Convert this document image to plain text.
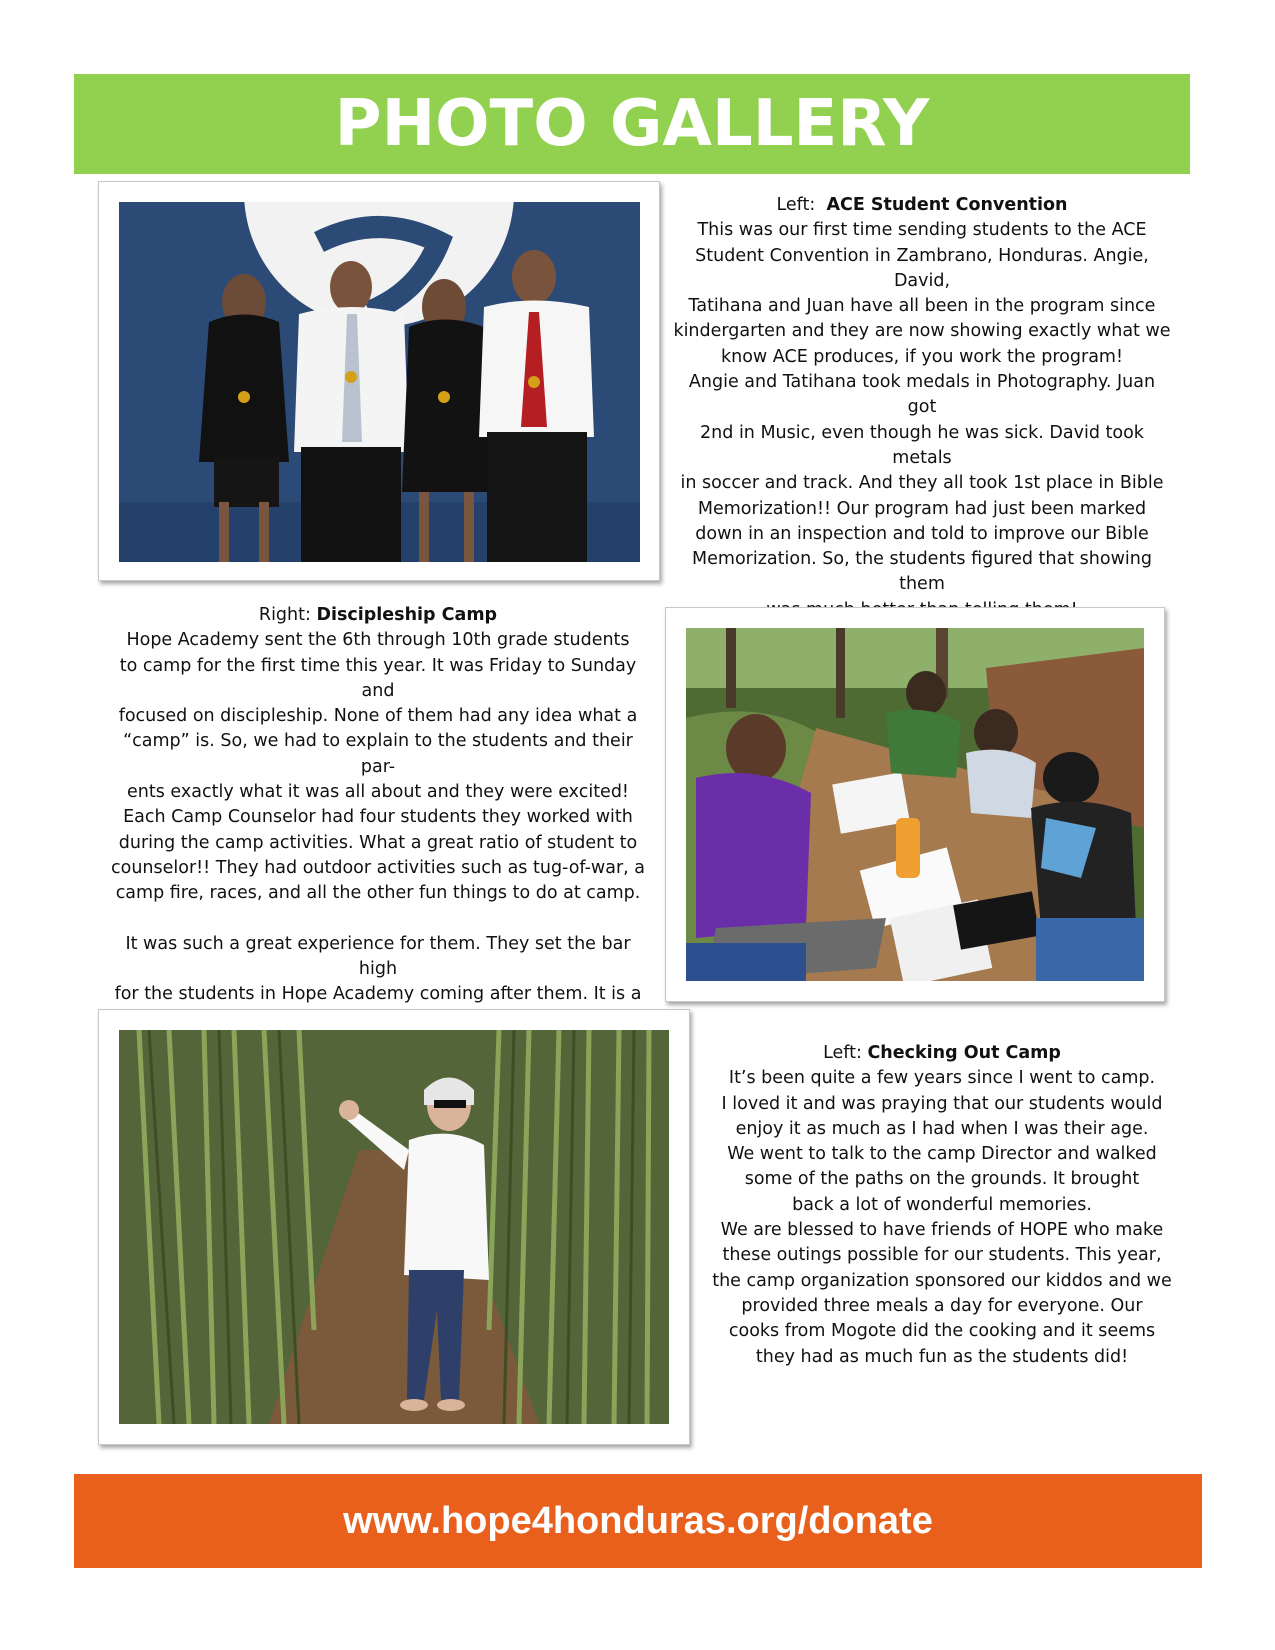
PHOTO GALLERY

Left: ACE Student Convention

This was our first time sending students to the ACE

Student Convention in Zambrano, Honduras. Angie, David,

Tatihana and Juan have all been in the program since

kindergarten and they are now showing exactly what we

know ACE produces, if you work the program!

Angie and Tatihana took medals in Photography. Juan got

2nd in Music, even though he was sick. David took metals

in soccer and track. And they all took 1st place in Bible

Memorization!! Our program had just been marked

down in an inspection and told to improve our Bible

Memorization. So, the students figured that showing them

Right: Discipleship Camp

Hope Academy sent the 6th through 10th grade students

to camp for the first time this year. It was Friday to Sunday and

focused on discipleship. None of them had any idea what a

“camp” is. So, we had to explain to the students and their par-

ents exactly what it was all about and they were excited!

Each Camp Counselor had four students they worked with

during the camp activities. What a great ratio of student to

counselor!! They had outdoor activities such as tug-of-war, a

camp fire, races, and all the other fun things to do at camp.

It was such a great experience for them. They set the bar high

for the students in Hope Academy coming after them. It is a

Left: Checking Out Camp

It’s been quite a few years since I went to camp.

I loved it and was praying that our students would

enjoy it as much as I had when I was their age.

We went to talk to the camp Director and walked

some of the paths on the grounds. It brought

back a lot of wonderful memories.

We are blessed to have friends of HOPE who make

these outings possible for our students. This year,

the camp organization sponsored our kiddos and we

provided three meals a day for everyone. Our

cooks from Mogote did the cooking and it seems

they had as much fun as the students did!

www.hope4honduras.org/donate
